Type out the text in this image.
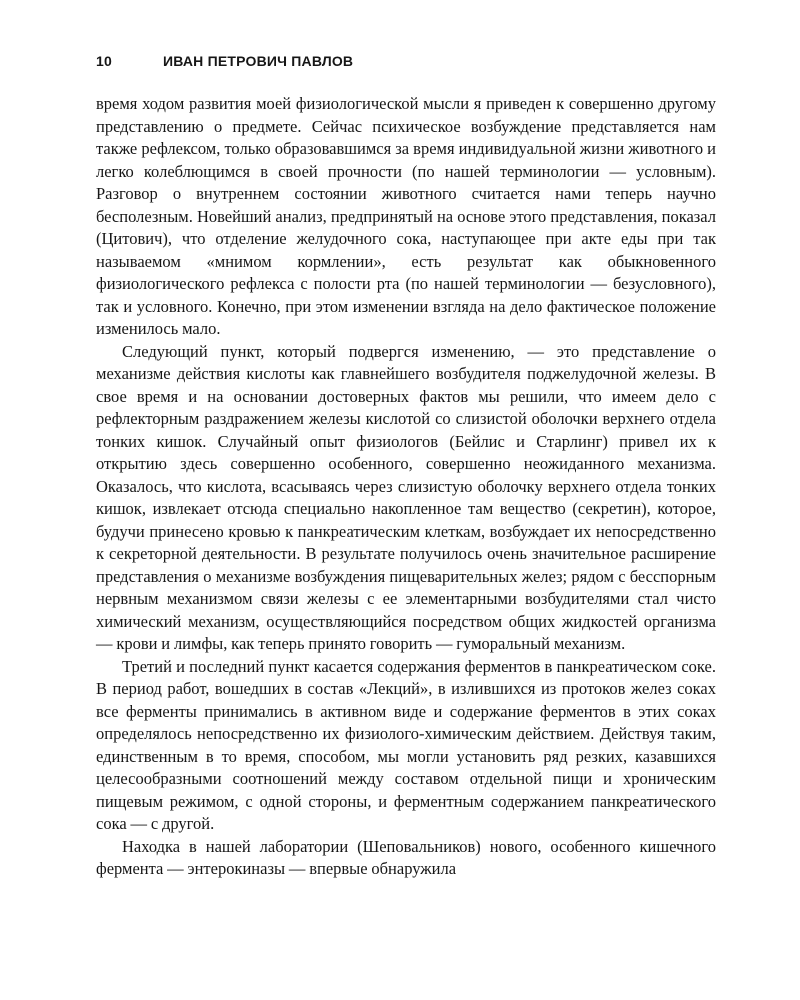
10	ИВАН ПЕТРОВИЧ ПАВЛОВ

время ходом развития моей физиологической мысли я приведен к совершенно другому представлению о предмете. Сейчас психическое возбуждение представляется нам также рефлексом, только образовавшимся за время индивидуальной жизни животного и легко колеблющимся в своей прочности (по нашей терминологии — условным). Разговор о внутреннем состоянии животного считается нами теперь научно бесполезным. Новейший анализ, предпринятый на основе этого представления, показал (Цитович), что отделение желудочного сока, наступающее при акте еды при так называемом «мнимом кормлении», есть результат как обыкновенного физиологического рефлекса с полости рта (по нашей терминологии — безусловного), так и условного. Конечно, при этом изменении взгляда на дело фактическое положение изменилось мало.

Следующий пункт, который подвергся изменению, — это представление о механизме действия кислоты как главнейшего возбудителя поджелудочной железы. В свое время и на основании достоверных фактов мы решили, что имеем дело с рефлекторным раздражением железы кислотой со слизистой оболочки верхнего отдела тонких кишок. Случайный опыт физиологов (Бейлис и Старлинг) привел их к открытию здесь совершенно особенного, совершенно неожиданного механизма. Оказалось, что кислота, всасываясь через слизистую оболочку верхнего отдела тонких кишок, извлекает отсюда специально накопленное там вещество (секретин), которое, будучи принесено кровью к панкреатическим клеткам, возбуждает их непосредственно к секреторной деятельности. В результате получилось очень значительное расширение представления о механизме возбуждения пищеварительных желез; рядом с бесспорным нервным механизмом связи железы с ее элементарными возбудителями стал чисто химический механизм, осуществляющийся посредством общих жидкостей организма — крови и лимфы, как теперь принято говорить — гуморальный механизм.

Третий и последний пункт касается содержания ферментов в панкреатическом соке. В период работ, вошедших в состав «Лекций», в излившихся из протоков желез соках все ферменты принимались в активном виде и содержание ферментов в этих соках определялось непосредственно их физиолого-химическим действием. Действуя таким, единственным в то время, способом, мы могли установить ряд резких, казавшихся целесообразными соотношений между составом отдельной пищи и хроническим пищевым режимом, с одной стороны, и ферментным содержанием панкреатического сока — с другой.

Находка в нашей лаборатории (Шеповальников) нового, особенного кишечного фермента — энтерокиназы — впервые обнаружила
